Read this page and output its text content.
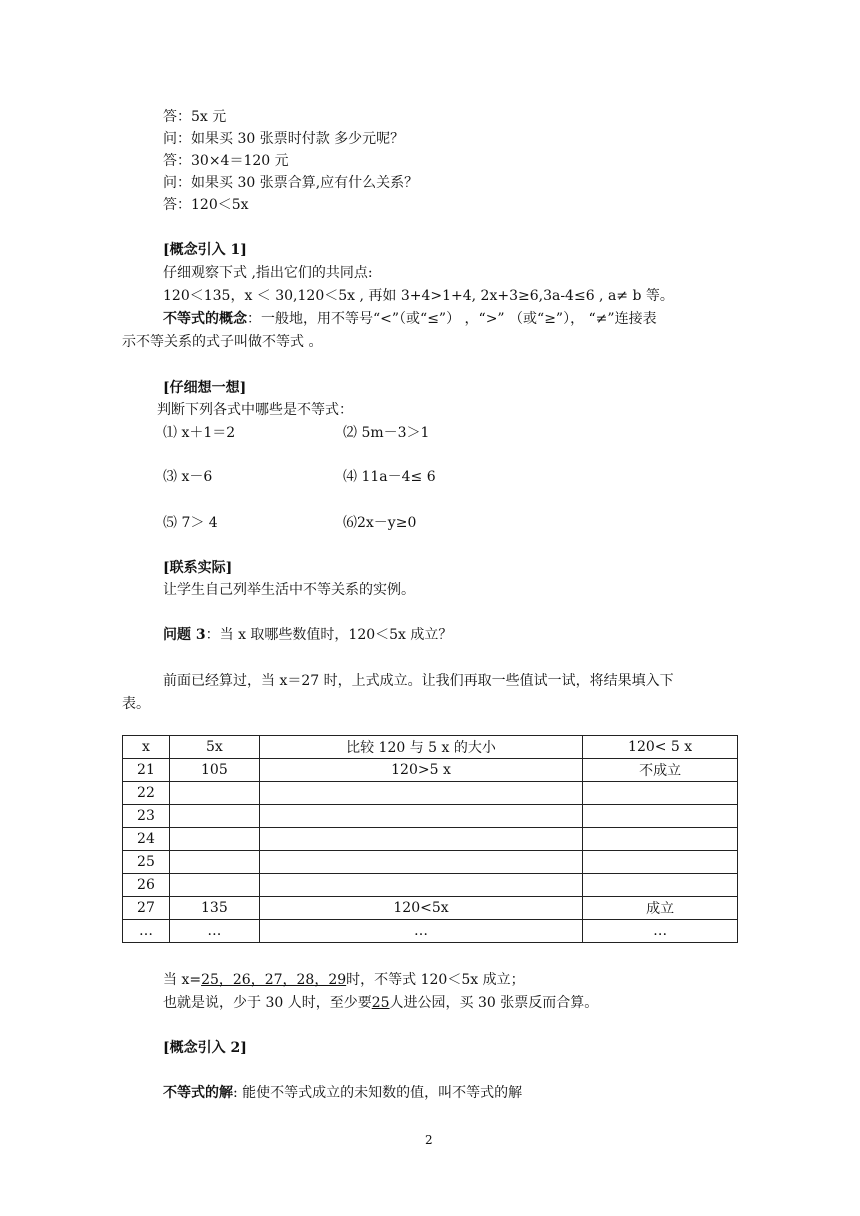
答：5x 元
问：如果买 30 张票时付款 多少元呢？
答：30×4＝120 元
问：如果买 30 张票合算,应有什么关系？
答：120＜5x
[概念引入 1]
仔细观察下式 ,指出它们的共同点:
120＜135，x ＜ 30,120＜5x , 再如 3+4>1+4, 2x+3≥6,3a-4≤6 , a≠ b 等。
不等式的概念：一般地，用不等号“<”（或“≤”） ，“>” （或“≥”）， “≠”连接表
示不等关系的式子叫做不等式 。
[仔细想一想]
判断下列各式中哪些是不等式：
⑴ x＋1＝2	⑵ 5m－3＞1
⑶ x－6	⑷ 11a－4≤ 6
⑸ 7＞ 4	⑹2x－y≥0
[联系实际]
让学生自己列举生活中不等关系的实例。
问题 3：当 x 取哪些数值时，120＜5x 成立？
前面已经算过，当 x＝27 时，上式成立。让我们再取一些值试一试，将结果填入下
表。
x	5x	比较 120 与 5 x 的大小	120< 5 x
21	105	120>5 x	不成立
22			
23			
24			
25			
26			
27	135	120<5x	成立
…	…	…	…
当 x=25，26，27，28，29时，不等式 120＜5x 成立；
也就是说，少于 30 人时，至少要25人进公园，买 30 张票反而合算。
[概念引入 2]
不等式的解: 能使不等式成立的未知数的值，叫不等式的解
2
